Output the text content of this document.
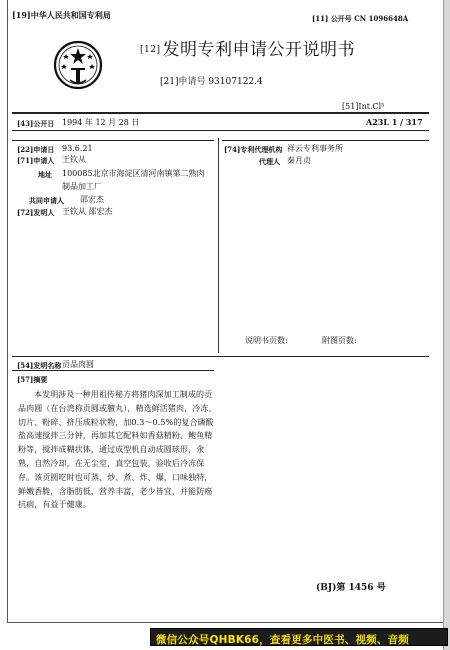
[19]中华人民共和国专利局	[11] 公开号 CN 1096648A
[12] 发明专利申请公开说明书
[21]申请号 93107122.4
[51]Int.Cl⁵
A23L 1 / 317
[43]公开日 1994 年 12 月 28 日
[22]申请日 93.6.21
[71]申请人 王钦从
地址 100085北京市海淀区清河南镇第二熟肉
制品加工厂
共同申请人 邵宏杰
[72]发明人 王钦从 邵宏杰
[74]专利代理机构 祥云专利事务所
代理人 秦月贞
说明书页数:	附图页数:
[54]发明名称 贡品肉圆
[57]摘要
本发明涉及一种用祖传秘方将猪肉深加工制成的贡品肉圆（在台湾称贡圆或膻丸），精选鲜活猪肉，冷冻、切片、粉碎、挤压成粒状物，加0.3～0.5%的复合磷酸盐高速搅拌三分钟，再加其它配料如香菇精粉、鲍鱼精粉等，搅拌成糊状体，通过成型机自动成圆球形，氽熟，自然冷却，在无尘室，真空包装，验收后冷冻保存。该贡圆吃时也可蒸、炒、煮、炸、爆，口味独特，鲜嫩香脆，含脂肪低，营养丰富，老少皆宜，并能防癌抗病，有益于健康。
(BJ)第 1456 号
微信公众号QHBK66，查看更多中医书、视频、音频
